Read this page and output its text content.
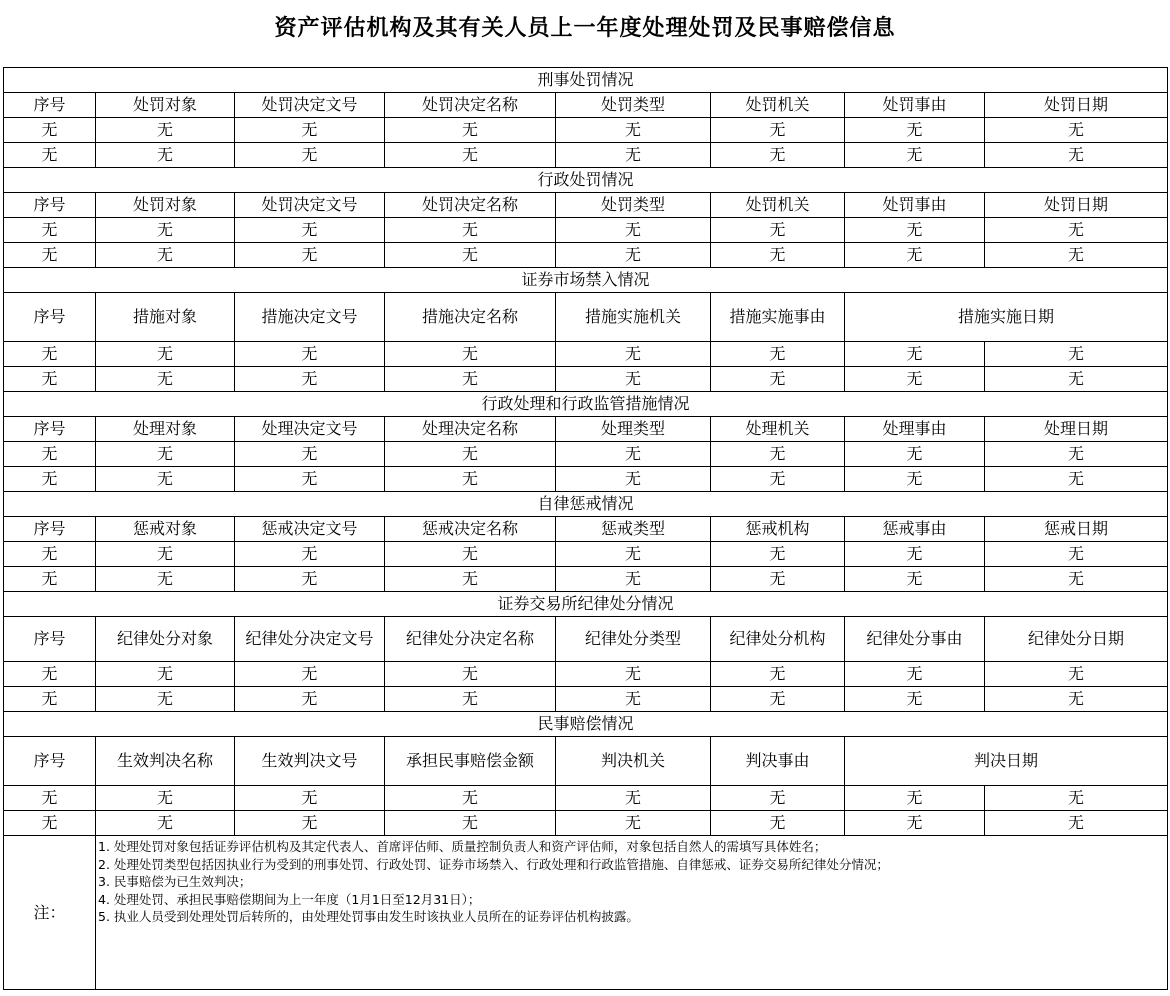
资产评估机构及其有关人员上一年度处理处罚及民事赔偿信息
刑事处罚情况							
序号	处罚对象	处罚决定文号	处罚决定名称	处罚类型	处罚机关	处罚事由	处罚日期
无	无	无	无	无	无	无	无
无	无	无	无	无	无	无	无
行政处罚情况							
序号	处罚对象	处罚决定文号	处罚决定名称	处罚类型	处罚机关	处罚事由	处罚日期
无	无	无	无	无	无	无	无
无	无	无	无	无	无	无	无
证券市场禁入情况							
序号	措施对象	措施决定文号	措施决定名称	措施实施机关	措施实施事由	措施实施日期	
无	无	无	无	无	无	无	无
无	无	无	无	无	无	无	无
行政处理和行政监管措施情况							
序号	处理对象	处理决定文号	处理决定名称	处理类型	处理机关	处理事由	处理日期
无	无	无	无	无	无	无	无
无	无	无	无	无	无	无	无
自律惩戒情况							
序号	惩戒对象	惩戒决定文号	惩戒决定名称	惩戒类型	惩戒机构	惩戒事由	惩戒日期
无	无	无	无	无	无	无	无
无	无	无	无	无	无	无	无
证券交易所纪律处分情况							
序号	纪律处分对象	纪律处分决定文号	纪律处分决定名称	纪律处分类型	纪律处分机构	纪律处分事由	纪律处分日期
无	无	无	无	无	无	无	无
无	无	无	无	无	无	无	无
民事赔偿情况							
序号	生效判决名称	生效判决文号	承担民事赔偿金额	判决机关	判决事由	判决日期	
无	无	无	无	无	无	无	无
无	无	无	无	无	无	无	无
注：	1. 处理处罚对象包括证券评估机构及其定代表人、首席评估师、质量控制负责人和资产评估师，对象包括自然人的需填写具体姓名；
2. 处理处罚类型包括因执业行为受到的刑事处罚、行政处罚、证券市场禁入、行政处理和行政监管措施、自律惩戒、证券交易所纪律处分情况；
3. 民事赔偿为已生效判决；
4. 处理处罚、承担民事赔偿期间为上一年度（1月1日至12月31日）；
5. 执业人员受到处理处罚后转所的，由处理处罚事由发生时该执业人员所在的证券评估机构披露。						
